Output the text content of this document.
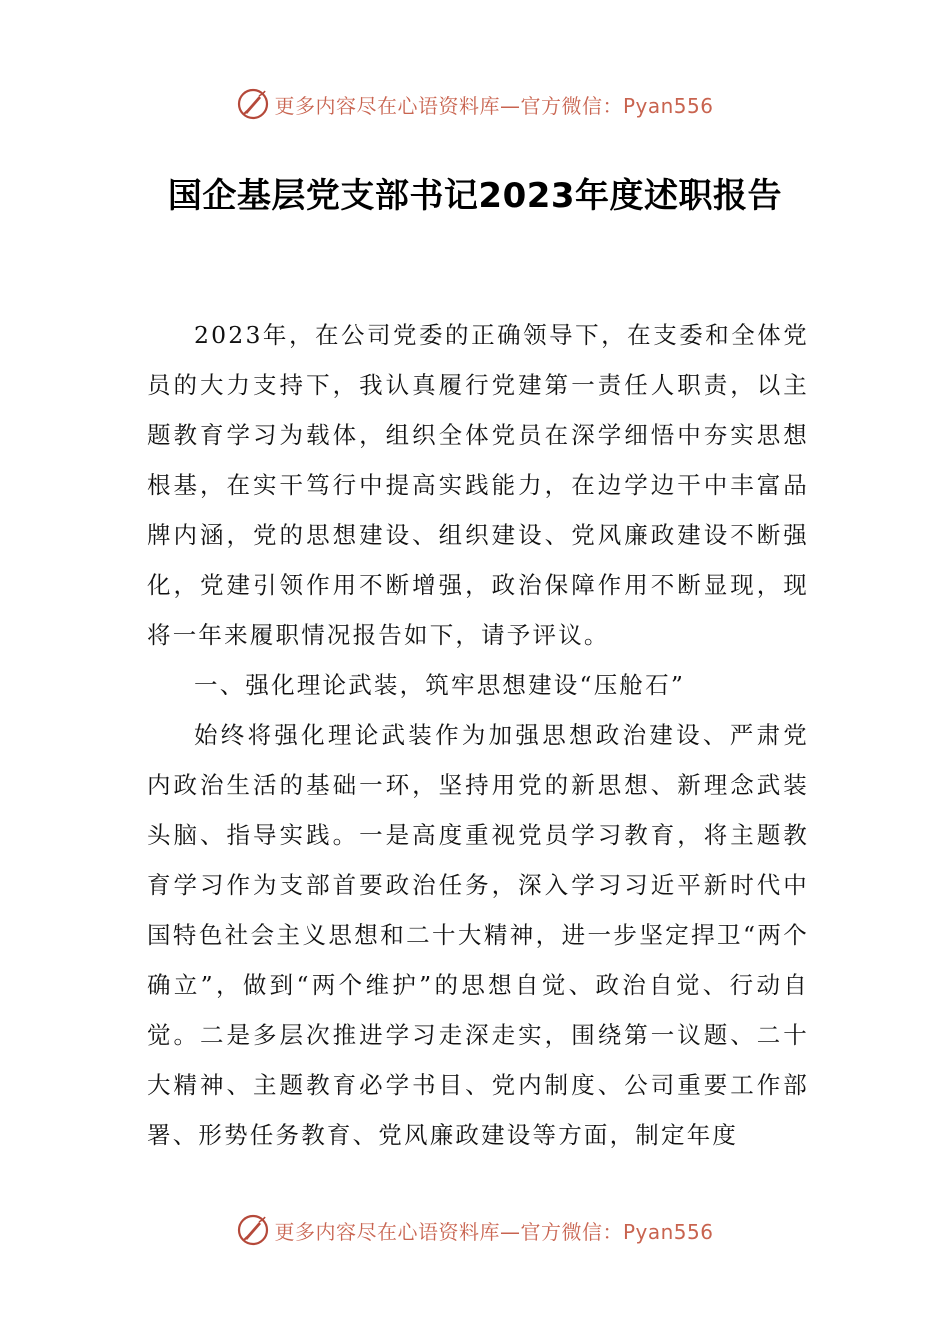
更多内容尽在心语资料库—官方微信：Pyan556
国企基层党支部书记2023年度述职报告

2023年，在公司党委的正确领导下，在支委和全体党员的大力支持下，我认真履行党建第一责任人职责，以主题教育学习为载体，组织全体党员在深学细悟中夯实思想根基，在实干笃行中提高实践能力，在边学边干中丰富品牌内涵，党的思想建设、组织建设、党风廉政建设不断强化，党建引领作用不断增强，政治保障作用不断显现，现将一年来履职情况报告如下，请予评议。

一、强化理论武装，筑牢思想建设“压舱石”

始终将强化理论武装作为加强思想政治建设、严肃党内政治生活的基础一环，坚持用党的新思想、新理念武装头脑、指导实践。一是高度重视党员学习教育，将主题教育学习作为支部首要政治任务，深入学习习近平新时代中国特色社会主义思想和二十大精神，进一步坚定捍卫“两个确立”，做到“两个维护”的思想自觉、政治自觉、行动自觉。二是多层次推进学习走深走实，围绕第一议题、二十大精神、主题教育必学书目、党内制度、公司重要工作部署、形势任务教育、党风廉政建设等方面，制定年度

更多内容尽在心语资料库—官方微信：Pyan556
